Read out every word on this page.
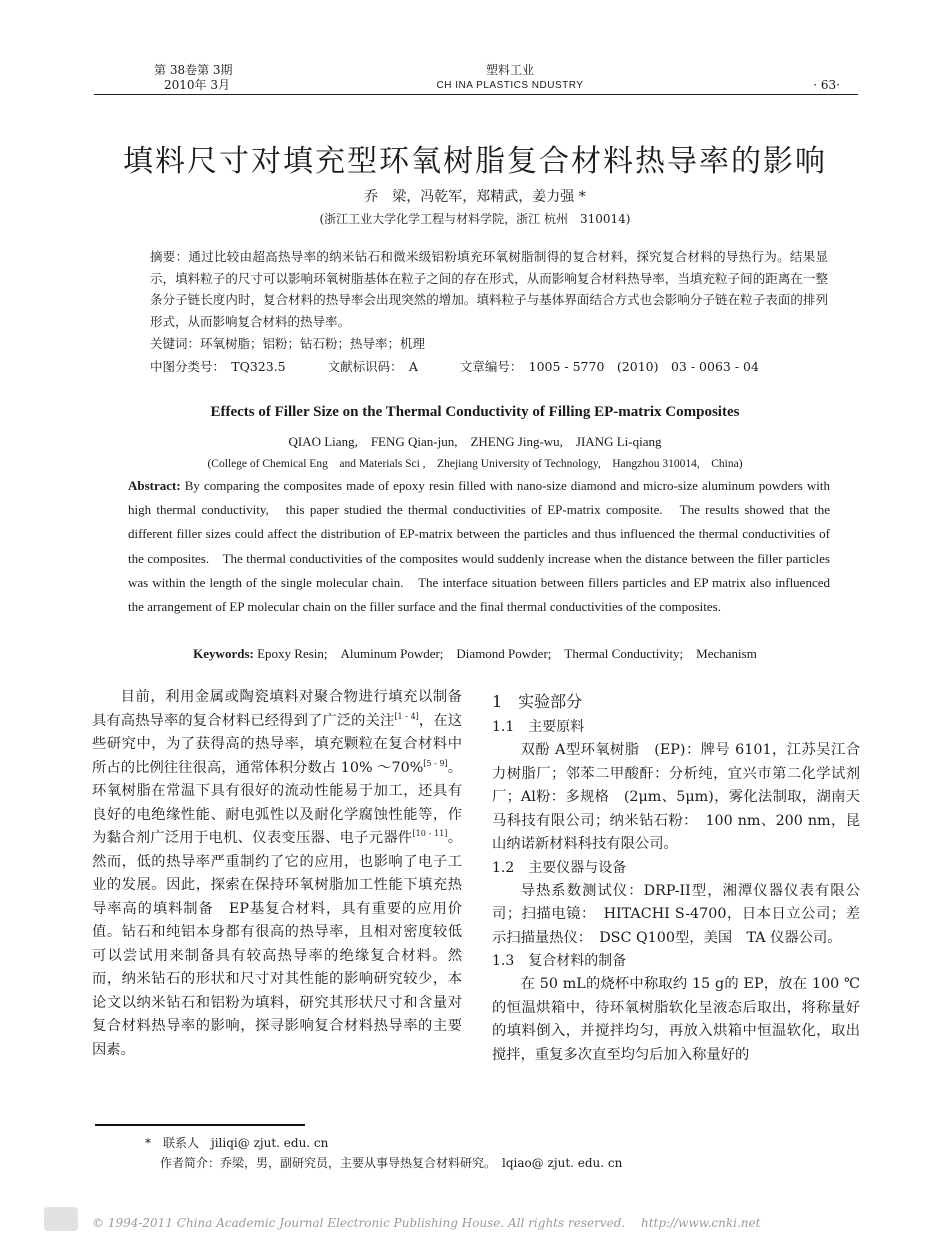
第 38卷第 3期
2010年 3月
塑料工业
CH INA PLASTICS NDUSTRY	· 63·
填料尺寸对填充型环氧树脂复合材料热导率的影响
乔　梁，冯乾军，郑精武，姜力强 *
(浙江工业大学化学工程与材料学院，浙江 杭州　310014)
摘要：通过比较由超高热导率的纳米钻石和微米级铝粉填充环氧树脂制得的复合材料，探究复合材料的导热行为。结果显示，填料粒子的尺寸可以影响环氧树脂基体在粒子之间的存在形式，从而影响复合材料热导率，当填充粒子间的距离在一整条分子链长度内时，复合材料的热导率会出现突然的增加。填料粒子与基体界面结合方式也会影响分子链在粒子表面的排列形式，从而影响复合材料的热导率。
关键词：环氧树脂；铝粉；钻石粉；热导率；机理
中图分类号：　TQ323.5	文献标识码：　A	文章编号：　1005 - 5770　(2010)　03 - 0063 - 04
Effects of Filler Size on the Thermal Conductivity of Filling EP-matrix Composites
QIAO Liang,　FENG Qian-jun,　ZHENG Jing-wu,　JIANG Li-qiang
(College of Chemical Eng　and Materials Sci ,　Zhejiang University of Technology,　Hangzhou 310014,　China)
Abstract: By comparing the composites made of epoxy resin filled with nano-size diamond and micro-size aluminum powders with high thermal conductivity,　this paper studied the thermal conductivities of EP-matrix composite.　The results showed that the different filler sizes could affect the distribution of EP-matrix between the particles and thus influenced the thermal conductivities of the composites.　The thermal conductivities of the composites would suddenly increase when the distance between the filler particles was within the length of the single molecular chain.　The interface situation between fillers particles and EP matrix also influenced the arrangement of EP molecular chain on the filler surface and the final thermal conductivities of the composites.
Keywords: Epoxy Resin;　Aluminum Powder;　Diamond Powder;　Thermal Conductivity;　Mechanism

目前，利用金属或陶瓷填料对聚合物进行填充以制备具有高热导率的复合材料已经得到了广泛的关注[1 - 4]，在这些研究中，为了获得高的热导率，填充颗粒在复合材料中所占的比例往往很高，通常体积分数占 10% ～70%[5 - 9]。环氧树脂在常温下具有很好的流动性能易于加工，还具有良好的电绝缘性能、耐电弧性以及耐化学腐蚀性能等，作为黏合剂广泛用于电机、仪表变压器、电子元器件[10 - 11]。然而，低的热导率严重制约了它的应用，也影响了电子工业的发展。因此，探索在保持环氧树脂加工性能下填充热导率高的填料制备　EP基复合材料，具有重要的应用价值。钻石和纯铝本身都有很高的热导率，且相对密度较低可以尝试用来制备具有较高热导率的绝缘复合材料。然而，纳米钻石的形状和尺寸对其性能的影响研究较少，本论文以纳米钻石和铝粉为填料，研究其形状尺寸和含量对复合材料热导率的影响，探寻影响复合材料热导率的主要因素。

1　实验部分
1.1　主要原料

双酚 A型环氧树脂　(EP)：牌号 6101，江苏吴江合力树脂厂；邻苯二甲酸酐：分析纯，宜兴市第二化学试剂厂；Al粉：多规格　(2μm、5μm)，雾化法制取，湖南天马科技有限公司；纳米钻石粉：　100 nm、200 nm，昆山纳诺新材料科技有限公司。

1.2　主要仪器与设备

导热系数测试仪：DRP-II型，湘潭仪器仪表有限公司；扫描电镜：　HITACHI S-4700，日本日立公司；差示扫描量热仪：　DSC Q100型，美国　TA 仪器公司。

1.3　复合材料的制备

在 50 mL的烧杯中称取约 15 g的 EP，放在 100 ℃的恒温烘箱中，待环氧树脂软化呈液态后取出，将称量好的填料倒入，并搅拌均匀，再放入烘箱中恒温软化，取出搅拌，重复多次直至均匀后加入称量好的

*　联系人　jiliqi@ zjut. edu. cn
作者简介：乔梁，男，副研究员，主要从事导热复合材料研究。　lqiao@ zjut. edu. cn
© 1994-2011 China Academic Journal Electronic Publishing House. All rights reserved.　 http://www.cnki.net
